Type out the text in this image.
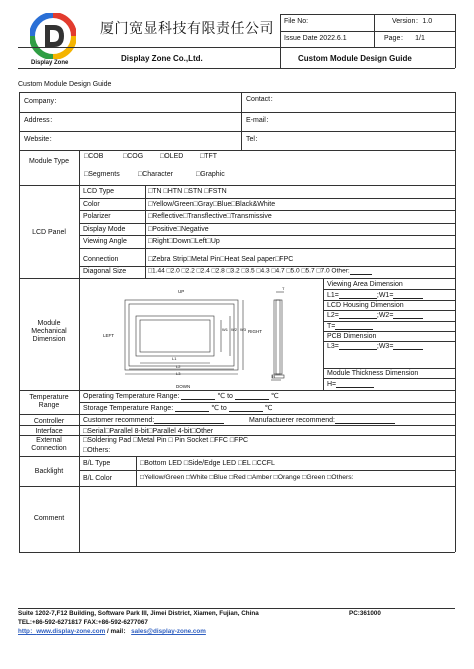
Display Zone
厦门宽显科技有限责任公司
Display Zone Co.,Ltd.
File No:	Version：1.0
Issue Date 2022.6.1	Page： 1/1
Custom Module Design Guide
Custom Module Design Guide
Company：	Contact：
Address：	E-mail：
Website：	Tel：
Module Type
□COB	□COG □OLED □TFT
□Segments	□Character	□Graphic
LCD Panel
LCD Type	□TN □HTN □STN □FSTN
Color	□Yellow/Green□Gray□Blue□Black&White
Polarizer	□Reflective□Transflective□Transmissive
Display Mode	□Positive□Negative
Viewing Angle	□Right□Down□Left□Up
Connection	□Zebra Strip□Metal Pin□Heat Seal paper□FPC
Diagonal Size	□1.44 □2.0 □2.2 □2.4 □2.8 □3.2 □3.5 □4.3 □4.7 □5.0 □5.7 □7.0 Other:
Module Mechanical Dimension
UP
LEFT
RIGHT
DOWN
W1 W2 W3
L1
L2
L3
T
H
Viewing Area Dimension
L1=	;W1=
LCD Housing Dimension
L2=	;W2=
T=
PCB Dimension
L3=	;W3=
Module Thickness Dimension
H=
Temperature Range
Operating Temperature Range:	℃ to	℃
Storage Temperature Range:	℃ to	℃
Controller	Customer recommend:	Manufactuerer recommend:
Interface	□Serial□Parallel 8-bit□Parallel 4-bit□Other
External Connection
□Soldering Pad □Metal Pin □ Pin Socket □FFC □FPC
□Others:
Backlight
B/L Type	□Bottom LED □Side/Edge LED □EL □CCFL
B/L Color	□Yellow/Green □White □Blue □Red □Amber □Orange □Green □Others:
Comment
Suite 1202-7,F12 Building, Software Park III, Jimei District, Xiamen, Fujian, China	PC:361000
TEL:+86-592-6271817 FAX:+86-592-6277067
http：www.display-zone.com / mail： sales@display-zone.com
